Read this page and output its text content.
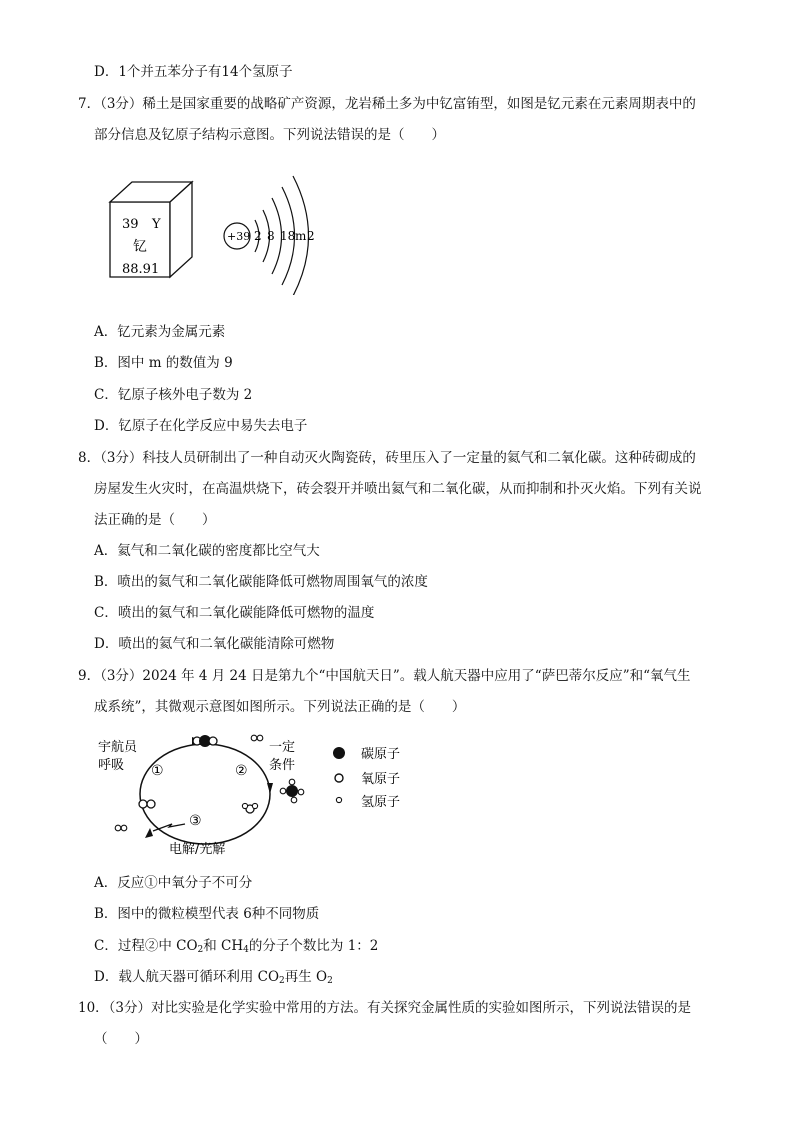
D．1个并五苯分子有14个氢原子
7．（3分）稀土是国家重要的战略矿产资源，龙岩稀土多为中钇富铕型，如图是钇元素在元素周期表中的
部分信息及钇原子结构示意图。下列说法错误的是（　　）
39 Y
钇
88.91
+39 2 8 18 m 2
A．钇元素为金属元素
B．图中 m 的数值为 9
C．钇原子核外电子数为 2
D．钇原子在化学反应中易失去电子
8．（3分）科技人员研制出了一种自动灭火陶瓷砖，砖里压入了一定量的氦气和二氧化碳。这种砖砌成的
房屋发生火灾时，在高温烘烧下，砖会裂开并喷出氦气和二氧化碳，从而抑制和扑灭火焰。下列有关说
法正确的是（　　）
A．氦气和二氧化碳的密度都比空气大
B．喷出的氦气和二氧化碳能降低可燃物周围氧气的浓度
C．喷出的氦气和二氧化碳能降低可燃物的温度
D．喷出的氦气和二氧化碳能清除可燃物
9．（3分）2024 年 4 月 24 日是第九个“中国航天日”。载人航天器中应用了“萨巴蒂尔反应”和“氧气生
成系统”，其微观示意图如图所示。下列说法正确的是（　　）
宇航员
呼吸
一定
条件
①	②
③
电解/光解
碳原子
氧原子
氢原子
A．反应①中氧分子不可分
B．图中的微粒模型代表 6种不同物质
C．过程②中 $CO_2$和 $CH_4$的分子个数比为 1：2
D．载人航天器可循环利用 $CO_2$再生 $O_2$
10．（3分）对比实验是化学实验中常用的方法。有关探究金属性质的实验如图所示，下列说法错误的是
（　　）
